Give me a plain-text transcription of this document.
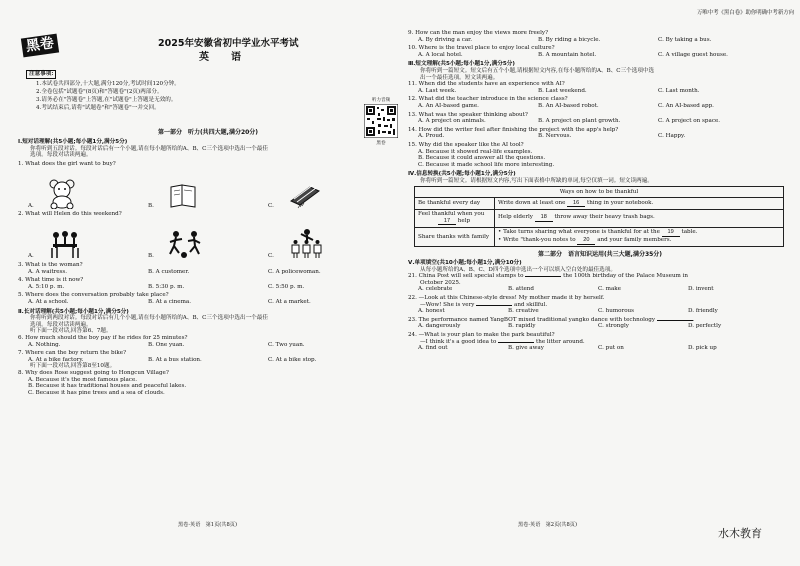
万唯中考《黑白卷》助你明确中考新方向
黑卷	2025年安徽省初中学业水平考试
英　语
注意事项:
1.本试卷共四部分,十大题,满分120分,考试时间120分钟。
2.全卷包括"试题卷"(8页)和"答题卷"(2页)两部分。
3.请务必在"答题卷"上答题,在"试题卷"上答题是无效的。
4.考试结束后,请将"试题卷"和"答题卷"一并交回。
听力音频
黑卷
第一部分　听力(共四大题,满分20分)
Ⅰ.短对话理解(共5小题;每小题1分,满分5分)
你将听到五段对话。每段对话后有一个小题,请在每小题所给的A、B、C三个选项中选出一个最佳
选项。每段对话读两遍。
1. What does the girl want to buy?
A.	B.	C.
2. What will Helen do this weekend?
A.	B.	C.
3. What is the woman?
A. A waitress.	B. A customer.	C. A policewoman.
4. What time is it now?
A. 5:10 p. m.	B. 5:30 p. m.	C. 5:50 p. m.
5. Where does the conversation probably take place?
A. At a school.	B. At a cinema.	C. At a market.
Ⅱ.长对话理解(共5小题;每小题1分,满分5分)
你将听到两段对话。每段对话后有几个小题,请在每小题所给的A、B、C三个选项中选出一个最佳
选项。每段对话读两遍。
听下面一段对话,回答第6、7题。
6. How much should the boy pay if he rides for 25 minutes?
A. Nothing.	B. One yuan.	C. Two yuan.
7. Where can the boy return the bike?
A. At a bike factory.	B. At a bus station.	C. At a bike stop.
听下面一段对话,回答第8至10题。
8. Why does Rose suggest going to Hongcun Village?
A. Because it's the most famous place.
B. Because it has traditional houses and peaceful lakes.
C. Because it has pine trees and a sea of clouds.
黑卷·英语　第1页(共8页)
9. How can the man enjoy the views more freely?
A. By driving a car.	B. By riding a bicycle.	C. By taking a bus.
10. Where is the travel place to enjoy local culture?
A. A local hotel.	B. A mountain hotel.	C. A village guest house.
Ⅲ.短文理解(共5小题;每小题1分,满分5分)
你将听到一篇短文。短文后有五个小题,请根据短文内容,在每小题所给的A、B、C三个选项中选
出一个最佳选项。短文读两遍。
11. When did the students have an experience with AI?
A. Last week.	B. Last weekend.	C. Last month.
12. What did the teacher introduce in the science class?
A. An AI-based game.	B. An AI-based robot.	C. An AI-based app.
13. What was the speaker thinking about?
A. A project on animals.	B. A project on plant growth.	C. A project on space.
14. How did the writer feel after finishing the project with the app's help?
A. Proud.	B. Nervous.	C. Happy.
15. Why did the speaker like the AI tool?
A. Because it showed real-life examples.
B. Because it could answer all the questions.
C. Because it made school life more interesting.
Ⅳ.信息转换(共5小题;每小题1分,满分5分)
你将听到一篇短文。请根据短文内容,写出下面表格中所缺的单词,每空仅填一词。短文读两遍。
Ways on how to be thankful	
Be thankful every day	Write down at least one 16 thing in your notebook.

Feel thankful when you
17 help	Help elderly 18 throw away their heavy trash bags.
Share thanks with family	• Take turns sharing what everyone is thankful for at the 19 table.
• Write "thank-you notes to 20 and your family members.
第二部分　语言知识运用(共三大题,满分35分)
Ⅴ.单项填空(共10小题;每小题1分,满分10分)
从每小题所给的A、B、C、D四个选项中选出一个可以填入空白处的最佳选项。
21. China Post will sell special stamps to	the 100th birthday of the Palace Museum in
October 2025.
A. celebrate	B. attend	C. make	D. invent
22. —Look at this Chinese-style dress! My mother made it by herself.
—Wow! She is very	and skillful.
A. honest	B. creative	C. humorous	D. friendly
23. The performance named YangBOT mixed traditional yangko dance with technology	.
A. dangerously	B. rapidly	C. strongly	D. perfectly
24. —What is your plan to make the park beautiful?
—I think it's a good idea to	the litter around.
A. find out	B. give away	C. put on	D. pick up
黑卷·英语　第2页(共8页)
水木教育
